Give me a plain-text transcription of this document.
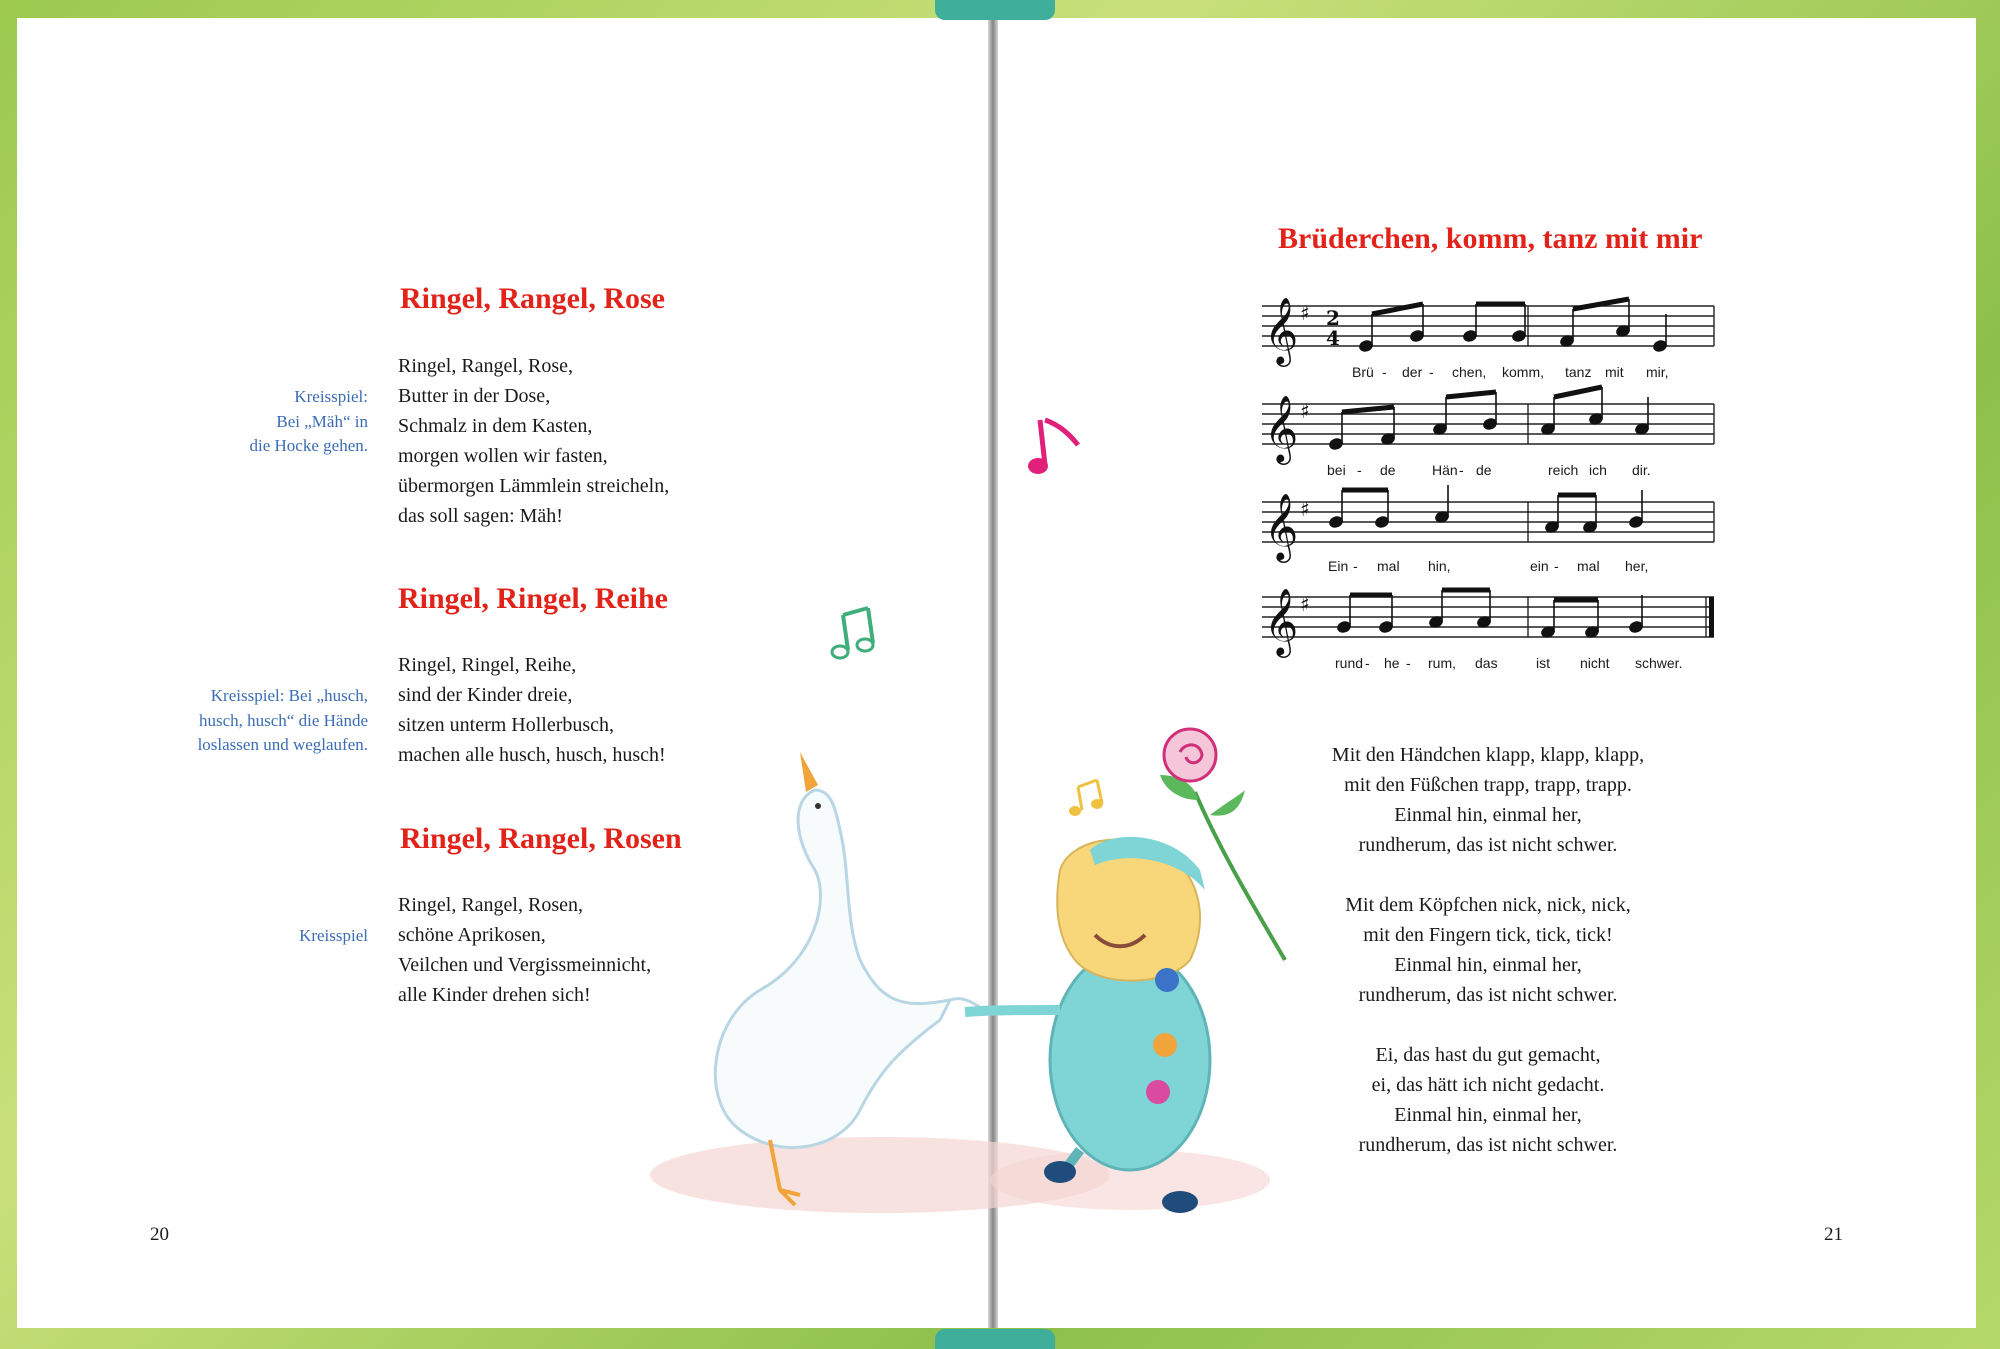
Ringel, Rangel, Rose
Kreisspiel:
Bei „Mäh“ in
die Hocke gehen.
Ringel, Rangel, Rose,
Butter in der Dose,
Schmalz in dem Kasten,
morgen wollen wir fasten,
übermorgen Lämmlein streicheln,
das soll sagen: Mäh!
Ringel, Ringel, Reihe
Kreisspiel: Bei „husch,
husch, husch“ die Hände
loslassen und weglaufen.
Ringel, Ringel, Reihe,
sind der Kinder dreie,
sitzen unterm Hollerbusch,
machen alle husch, husch, husch!
Ringel, Rangel, Rosen
Kreisspiel
Ringel, Rangel, Rosen,
schöne Aprikosen,
Veilchen und Vergissmeinnicht,
alle Kinder drehen sich!
20
Brüderchen, komm, tanz mit mir
𝄞 ♯
𝄞 ♯
𝄞 ♯
𝄞 ♯
2
4
Brü - der - chen, komm, tanz mit mir,
bei - de	Hän - de	reich ich dir.
Ein - mal hin,	ein - mal her,
rund - he - rum, das	ist nicht schwer.
Mit den Händchen klapp, klapp, klapp,
mit den Füßchen trapp, trapp, trapp.
Einmal hin, einmal her,
rundherum, das ist nicht schwer.
Mit dem Köpfchen nick, nick, nick,
mit den Fingern tick, tick, tick!
Einmal hin, einmal her,
rundherum, das ist nicht schwer.
Ei, das hast du gut gemacht,
ei, das hätt ich nicht gedacht.
Einmal hin, einmal her,
rundherum, das ist nicht schwer.
21
